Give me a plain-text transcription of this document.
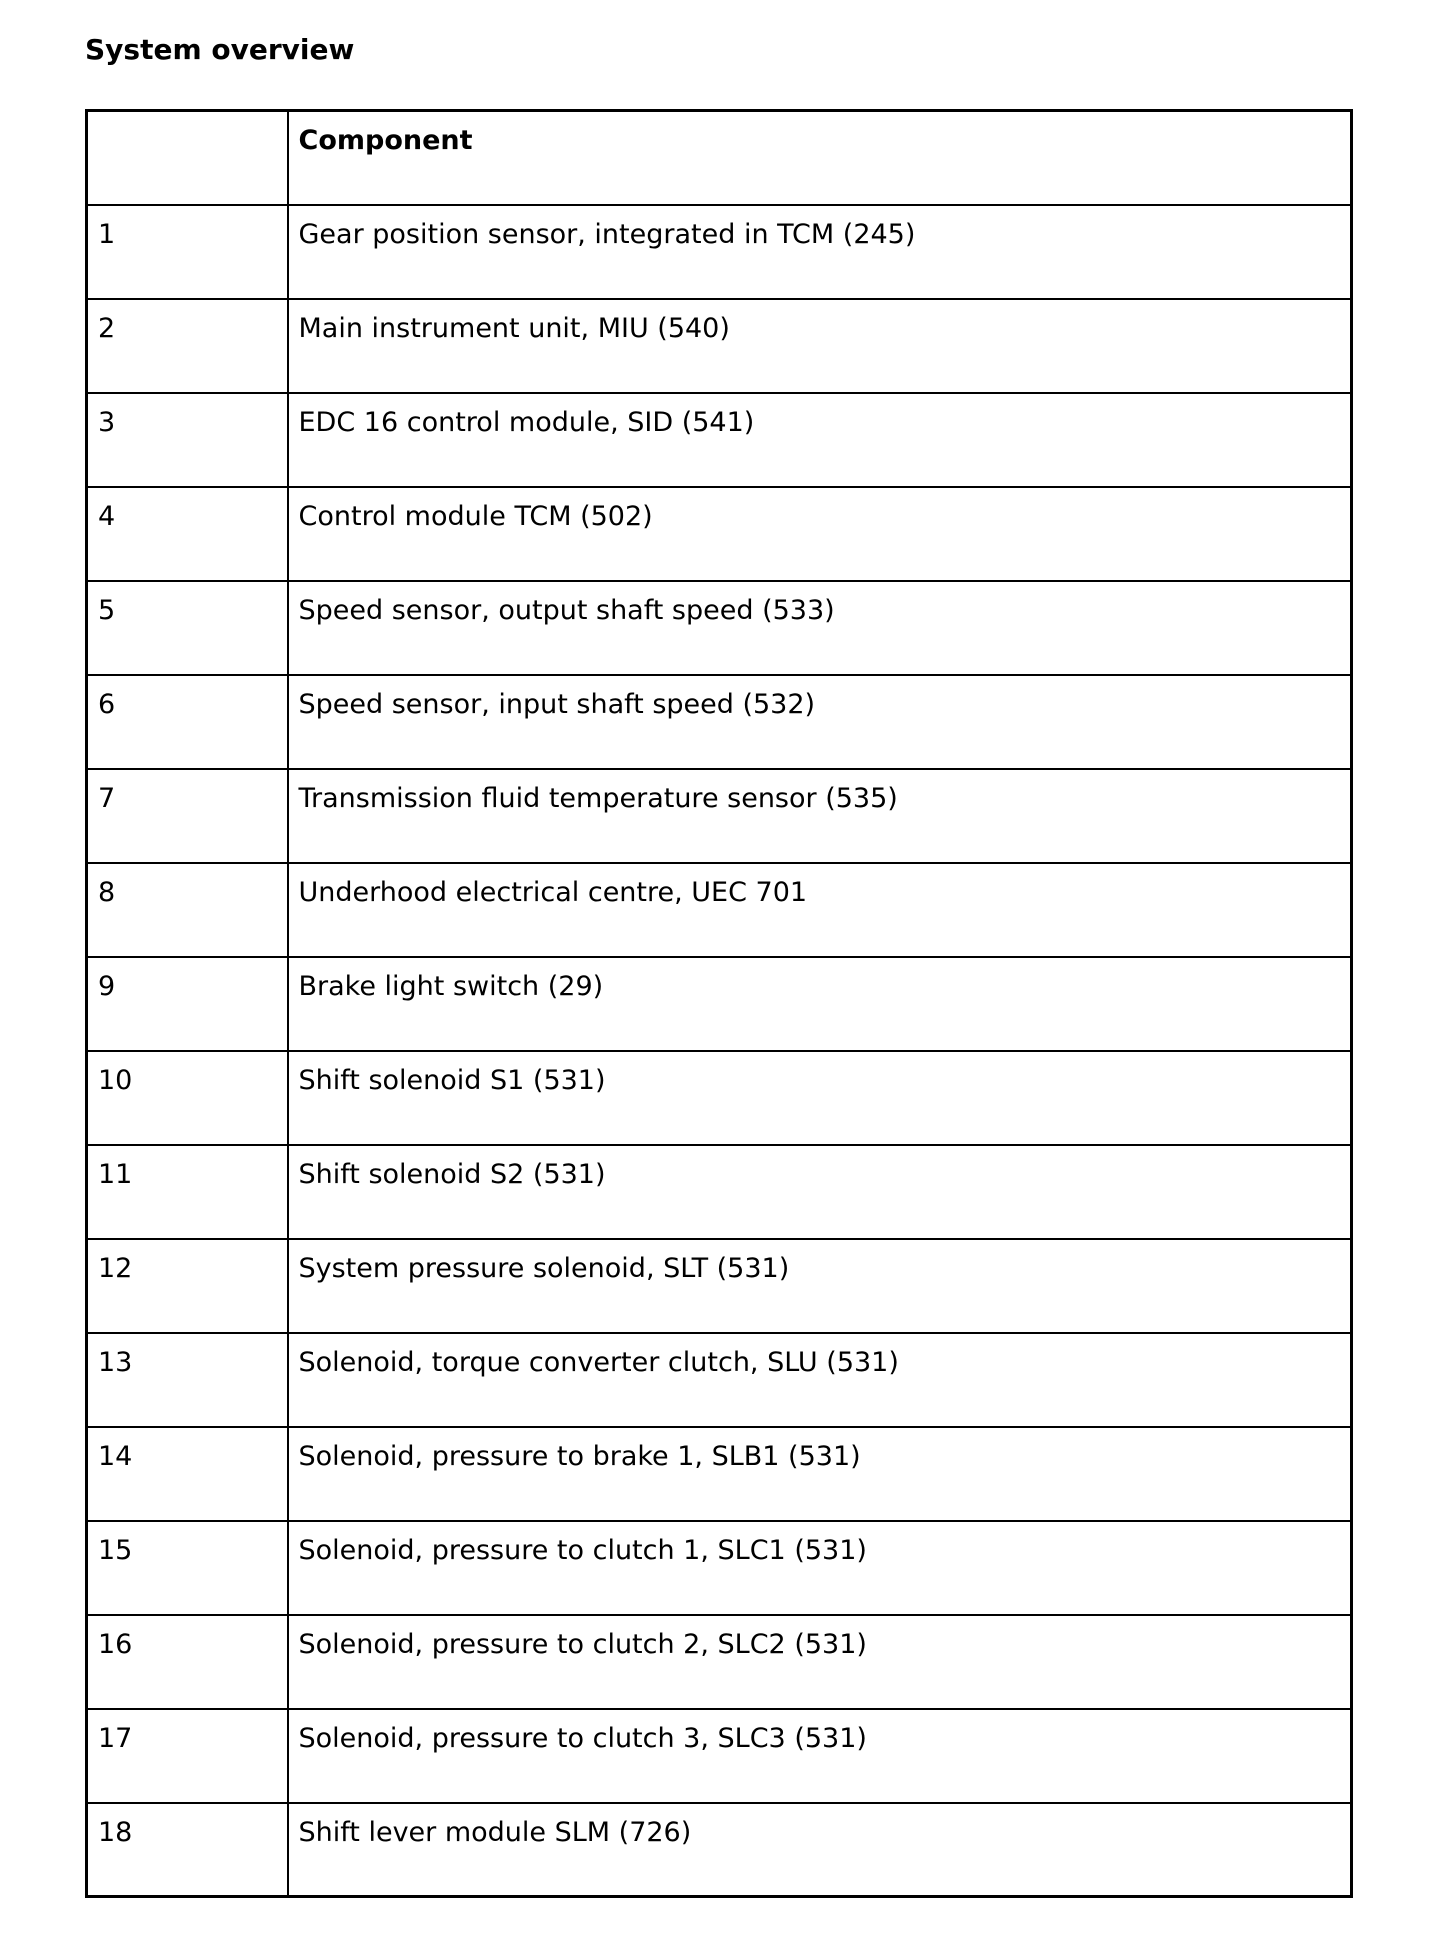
System overview
	Component
1	Gear position sensor, integrated in TCM (245)
2	Main instrument unit, MIU (540)
3	EDC 16 control module, SID (541)
4	Control module TCM (502)
5	Speed sensor, output shaft speed (533)
6	Speed sensor, input shaft speed (532)
7	Transmission fluid temperature sensor (535)
8	Underhood electrical centre, UEC 701
9	Brake light switch (29)
10	Shift solenoid S1 (531)
11	Shift solenoid S2 (531)
12	System pressure solenoid, SLT (531)
13	Solenoid, torque converter clutch, SLU (531)
14	Solenoid, pressure to brake 1, SLB1 (531)
15	Solenoid, pressure to clutch 1, SLC1 (531)
16	Solenoid, pressure to clutch 2, SLC2 (531)
17	Solenoid, pressure to clutch 3, SLC3 (531)
18	Shift lever module SLM (726)
